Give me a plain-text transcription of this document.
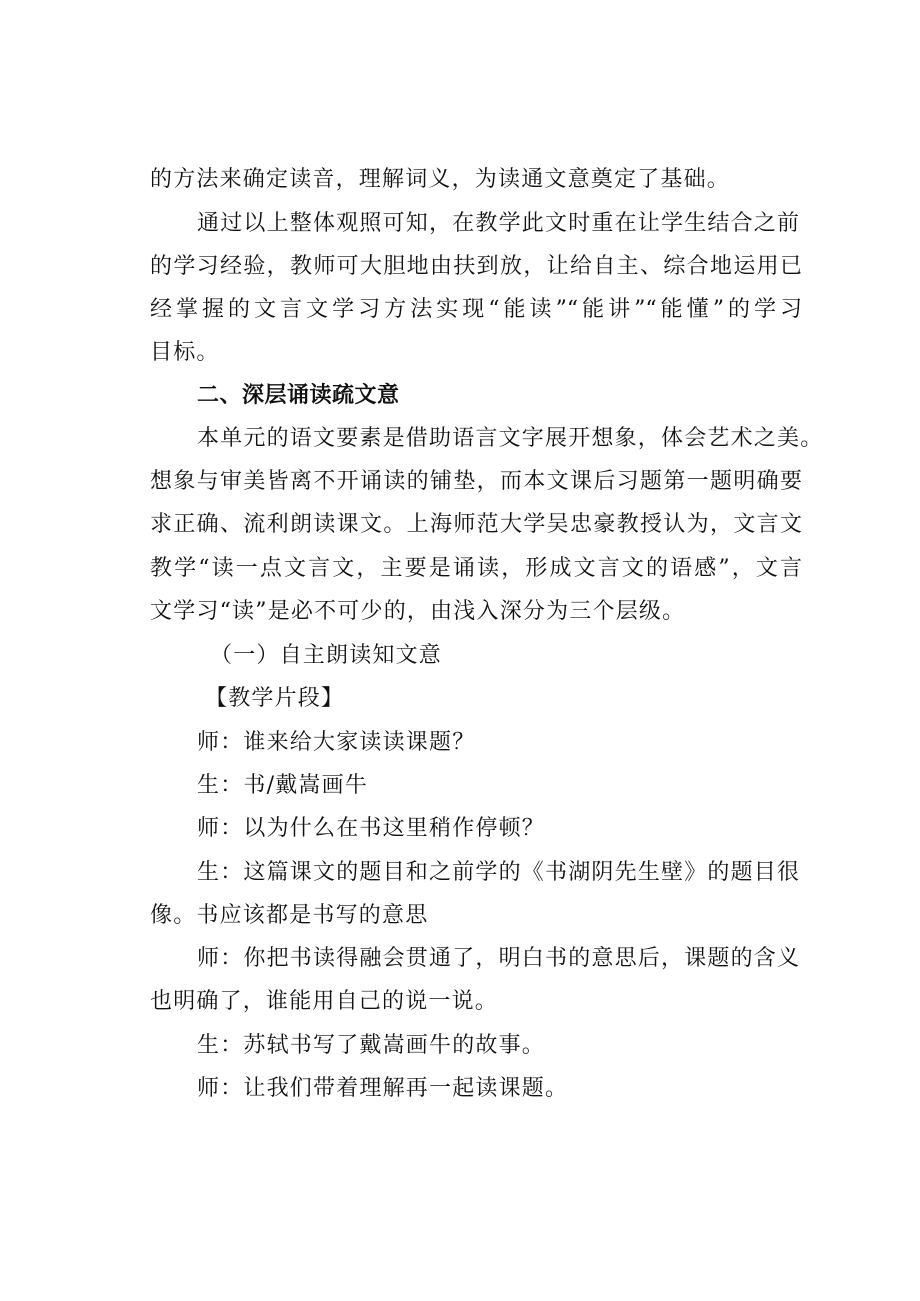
的方法来确定读音，理解词义，为读通文意奠定了基础。
通过以上整体观照可知，在教学此文时重在让学生结合之前
的学习经验，教师可大胆地由扶到放，让给自主、综合地运用已
经掌握的文言文学习方法实现“能读”“能讲”“能懂”的学习
目标。
二、深层诵读疏文意
本单元的语文要素是借助语言文字展开想象，体会艺术之美。
想象与审美皆离不开诵读的铺垫，而本文课后习题第一题明确要
求正确、流利朗读课文。上海师范大学吴忠豪教授认为，文言文
教学“读一点文言文，主要是诵读，形成文言文的语感”，文言
文学习“读”是必不可少的，由浅入深分为三个层级。
（一）自主朗读知文意
【教学片段】
师：谁来给大家读读课题？
生：书/戴嵩画牛
师：以为什么在书这里稍作停顿？
生：这篇课文的题目和之前学的《书湖阴先生壁》的题目很
像。书应该都是书写的意思
师：你把书读得融会贯通了，明白书的意思后，课题的含义
也明确了，谁能用自己的说一说。
生：苏轼书写了戴嵩画牛的故事。
师：让我们带着理解再一起读课题。
